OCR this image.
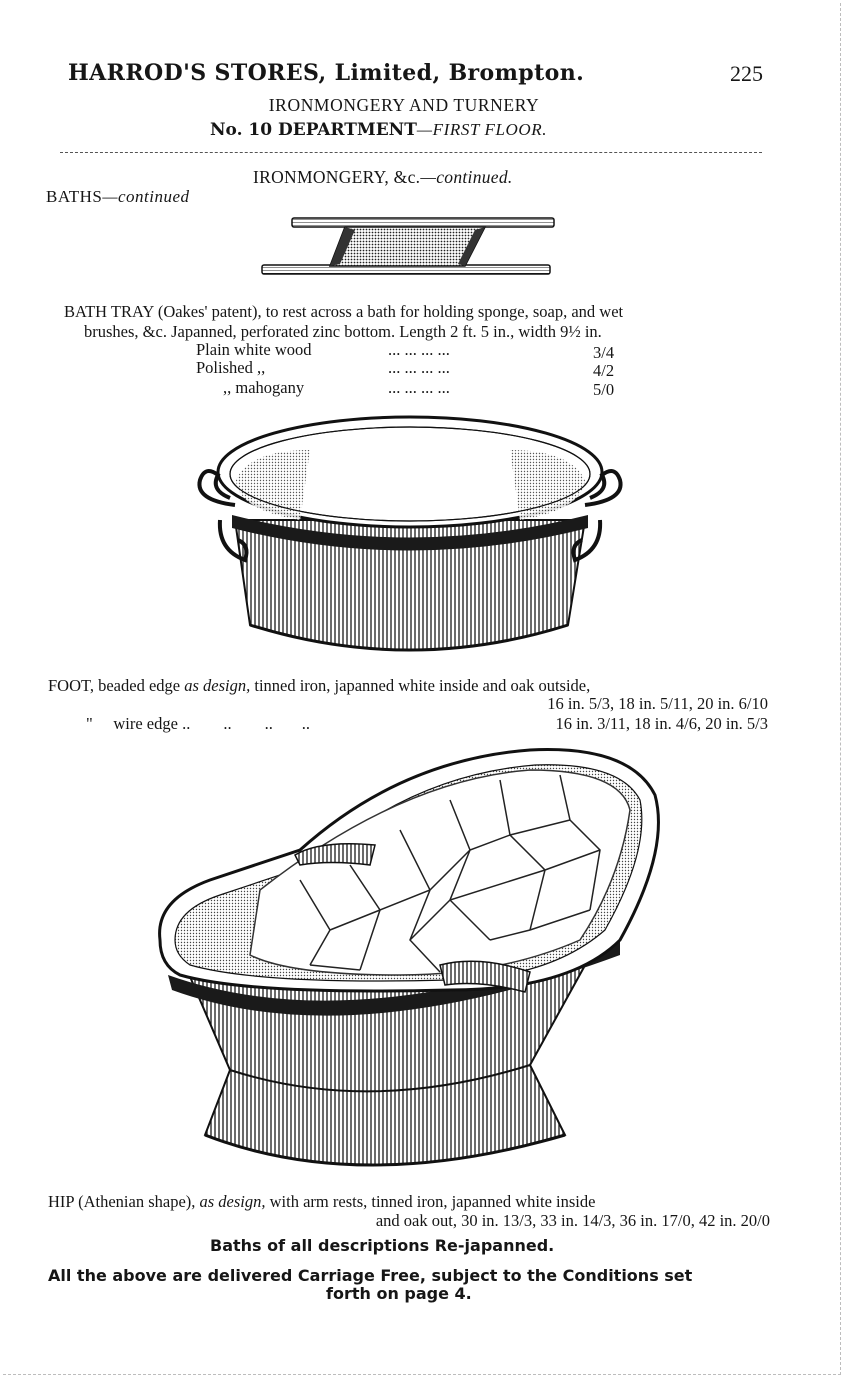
HARROD'S STORES, Limited, Brompton.	225
IRONMONGERY AND TURNERY
No. 10 DEPARTMENT—FIRST FLOOR.
IRONMONGERY, &c.—continued.
BATHS—continued
BATH TRAY (Oakes' patent), to rest across a bath for holding sponge, soap, and wet
brushes, &c. Japanned, perforated zinc bottom. Length 2 ft. 5 in., width 9½ in.
Plain white wood	... ... ... ...	3/4
Polished ,,	... ... ... ...	4/2
,, mahogany	... ... ... ...	5/0
FOOT, beaded edge as design, tinned iron, japanned white inside and oak outside,
16 in. 5/3, 18 in. 5/11, 20 in. 6/10
"     wire edge ..        ..        ..       ..	16 in. 3/11, 18 in. 4/6, 20 in. 5/3
HIP (Athenian shape), as design, with arm rests, tinned iron, japanned white inside
and oak out, 30 in. 13/3, 33 in. 14/3, 36 in. 17/0, 42 in. 20/0
Baths of all descriptions Re-japanned.
All the above are delivered Carriage Free, subject to the Conditions set
forth on page 4.
